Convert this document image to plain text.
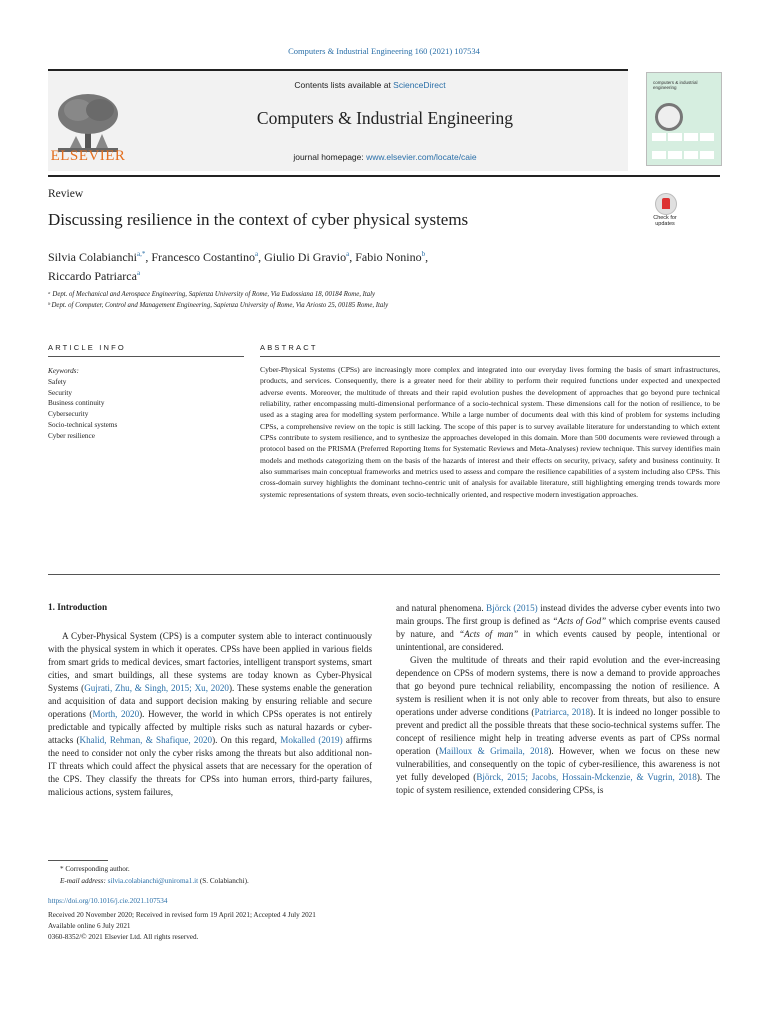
Computers & Industrial Engineering 160 (2021) 107534
ELSEVIER
Contents lists available at ScienceDirect
Computers & Industrial Engineering
journal homepage: www.elsevier.com/locate/caie
computers & industrial engineering
Review
Discussing resilience in the context of cyber physical systems	Check for updates
Silvia Colabianchi$^{a,*}$, Francesco Costantino$^a$, Giulio Di Gravio$^a$, Fabio Nonino$^b$,
Riccardo Patriarca$^a$
ᵃ Dept. of Mechanical and Aerospace Engineering, Sapienza University of Rome, Via Eudossiana 18, 00184 Rome, Italy
ᵇ Dept. of Computer, Control and Management Engineering, Sapienza University of Rome, Via Ariosto 25, 00185 Rome, Italy
ARTICLE INFO	ABSTRACT
Keywords:
Safety
Security
Business continuity
Cybersecurity
Socio-technical systems
Cyber resilience
Cyber-Physical Systems (CPSs) are increasingly more complex and integrated into our everyday lives forming the basis of smart infrastructures, products, and services. Consequently, there is a greater need for their ability to perform their required functions under expected and unexpected adverse events. Moreover, the multitude of threats and their rapid evolution pushes the development of approaches that go beyond pure technical reliability, rather encompassing multi-dimensional performance of a socio-technical system. These dimensions call for the notion of resilience, to be used as a staging area for modelling system performance. While a large number of documents deal with this kind of problem for systems including CPSs, a comprehensive review on the topic is still lacking. The scope of this paper is to survey available literature for understanding to which extent CPSs contribute to system resilience, and to synthesize the approaches developed in this domain. More than 500 documents were reviewed through a protocol based on the PRISMA (Preferred Reporting Items for Systematic Reviews and Meta-Analyses) review technique. This survey identifies main models and methods categorizing them on the basis of the hazards of interest and their effects on security, privacy, safety and business continuity. It also summarises main conceptual frameworks and metrics used to assess and compare the resilience capabilities of a system including also CPSs. This cross-domain survey highlights the dominant techno-centric unit of analysis for available literature, still highlighting emerging trends towards more systemic representations of system threats, even socio-technically oriented, and respective modern investigation approaches.
1. Introduction

A Cyber-Physical System (CPS) is a computer system able to interact continuously with the physical system in which it operates. CPSs have been applied in various fields from smart grids to medical devices, smart factories, intelligent transport systems, smart cities, and smart buildings, all these systems are today known as Cyber-Physical Systems (Gujrati, Zhu, & Singh, 2015; Xu, 2020). These systems enable the generation and acquisition of data and support decision making by ensuring reliable and secure operations (Morth, 2020). However, the world in which CPSs operates is not entirely predictable and typically affected by multiple risks such as natural hazards or cyber-attacks (Khalid, Rehman, & Shafique, 2020). On this regard, Mokalled (2019) affirms the need to consider not only the cyber risks among the threats but also additional non-IT threats which could affect the physical assets that are necessary for the operation of the CPS. They classify the threats for CPSs into human errors, third-party failures, malicious actions, system failures,

and natural phenomena. Björck (2015) instead divides the adverse cyber events into two main groups. The first group is defined as “Acts of God” which comprise events caused by nature, and “Acts of man” in which events caused by people, intentional or unintentional, are considered.

Given the multitude of threats and their rapid evolution and the ever-increasing dependence on CPSs of modern systems, there is now a demand to provide approaches that go beyond pure technical reliability, encompassing the notion of resilience. A system is resilient when it is not only able to recover from threats, but also to ensure operations under adverse conditions (Patriarca, 2018). It is indeed no longer possible to prevent and predict all the possible threats that these socio-technical systems suffer. The concept of resilience might help in treating adverse events as part of CPSs normal operation (Mailloux & Grimaila, 2018). However, when we focus on these new vulnerabilities, and consequently on the topic of cyber-resilience, this awareness is not yet fully developed (Björck, 2015; Jacobs, Hossain-Mckenzie, & Vugrin, 2018). The topic of system resilience, extended considering CPSs, is

* Corresponding author.
E-mail address: silvia.colabianchi@uniroma1.it (S. Colabianchi).
https://doi.org/10.1016/j.cie.2021.107534
Received 20 November 2020; Received in revised form 19 April 2021; Accepted 4 July 2021
Available online 6 July 2021
0360-8352/© 2021 Elsevier Ltd. All rights reserved.
